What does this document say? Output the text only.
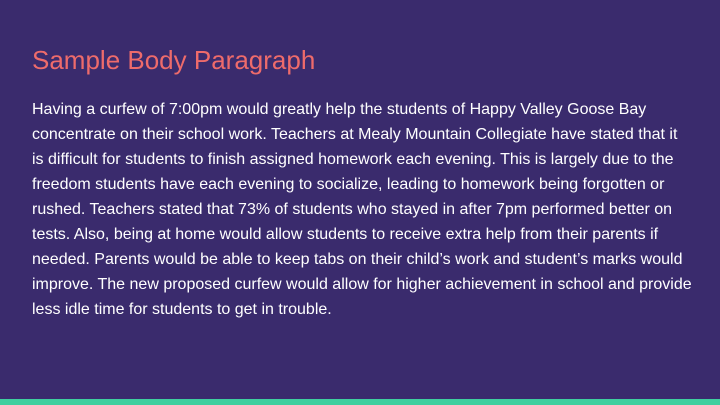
Sample Body Paragraph

Having a curfew of 7:00pm would greatly help the students of Happy Valley Goose Bay concentrate on their school work. Teachers at Mealy Mountain Collegiate have stated that it is difficult for students to finish assigned homework each evening. This is largely due to the freedom students have each evening to socialize, leading to homework being forgotten or rushed. Teachers stated that 73% of students who stayed in after 7pm performed better on tests. Also, being at home would allow students to receive extra help from their parents if needed. Parents would be able to keep tabs on their child’s work and student’s marks would improve. The new proposed curfew would allow for higher achievement in school and provide less idle time for students to get in trouble.
